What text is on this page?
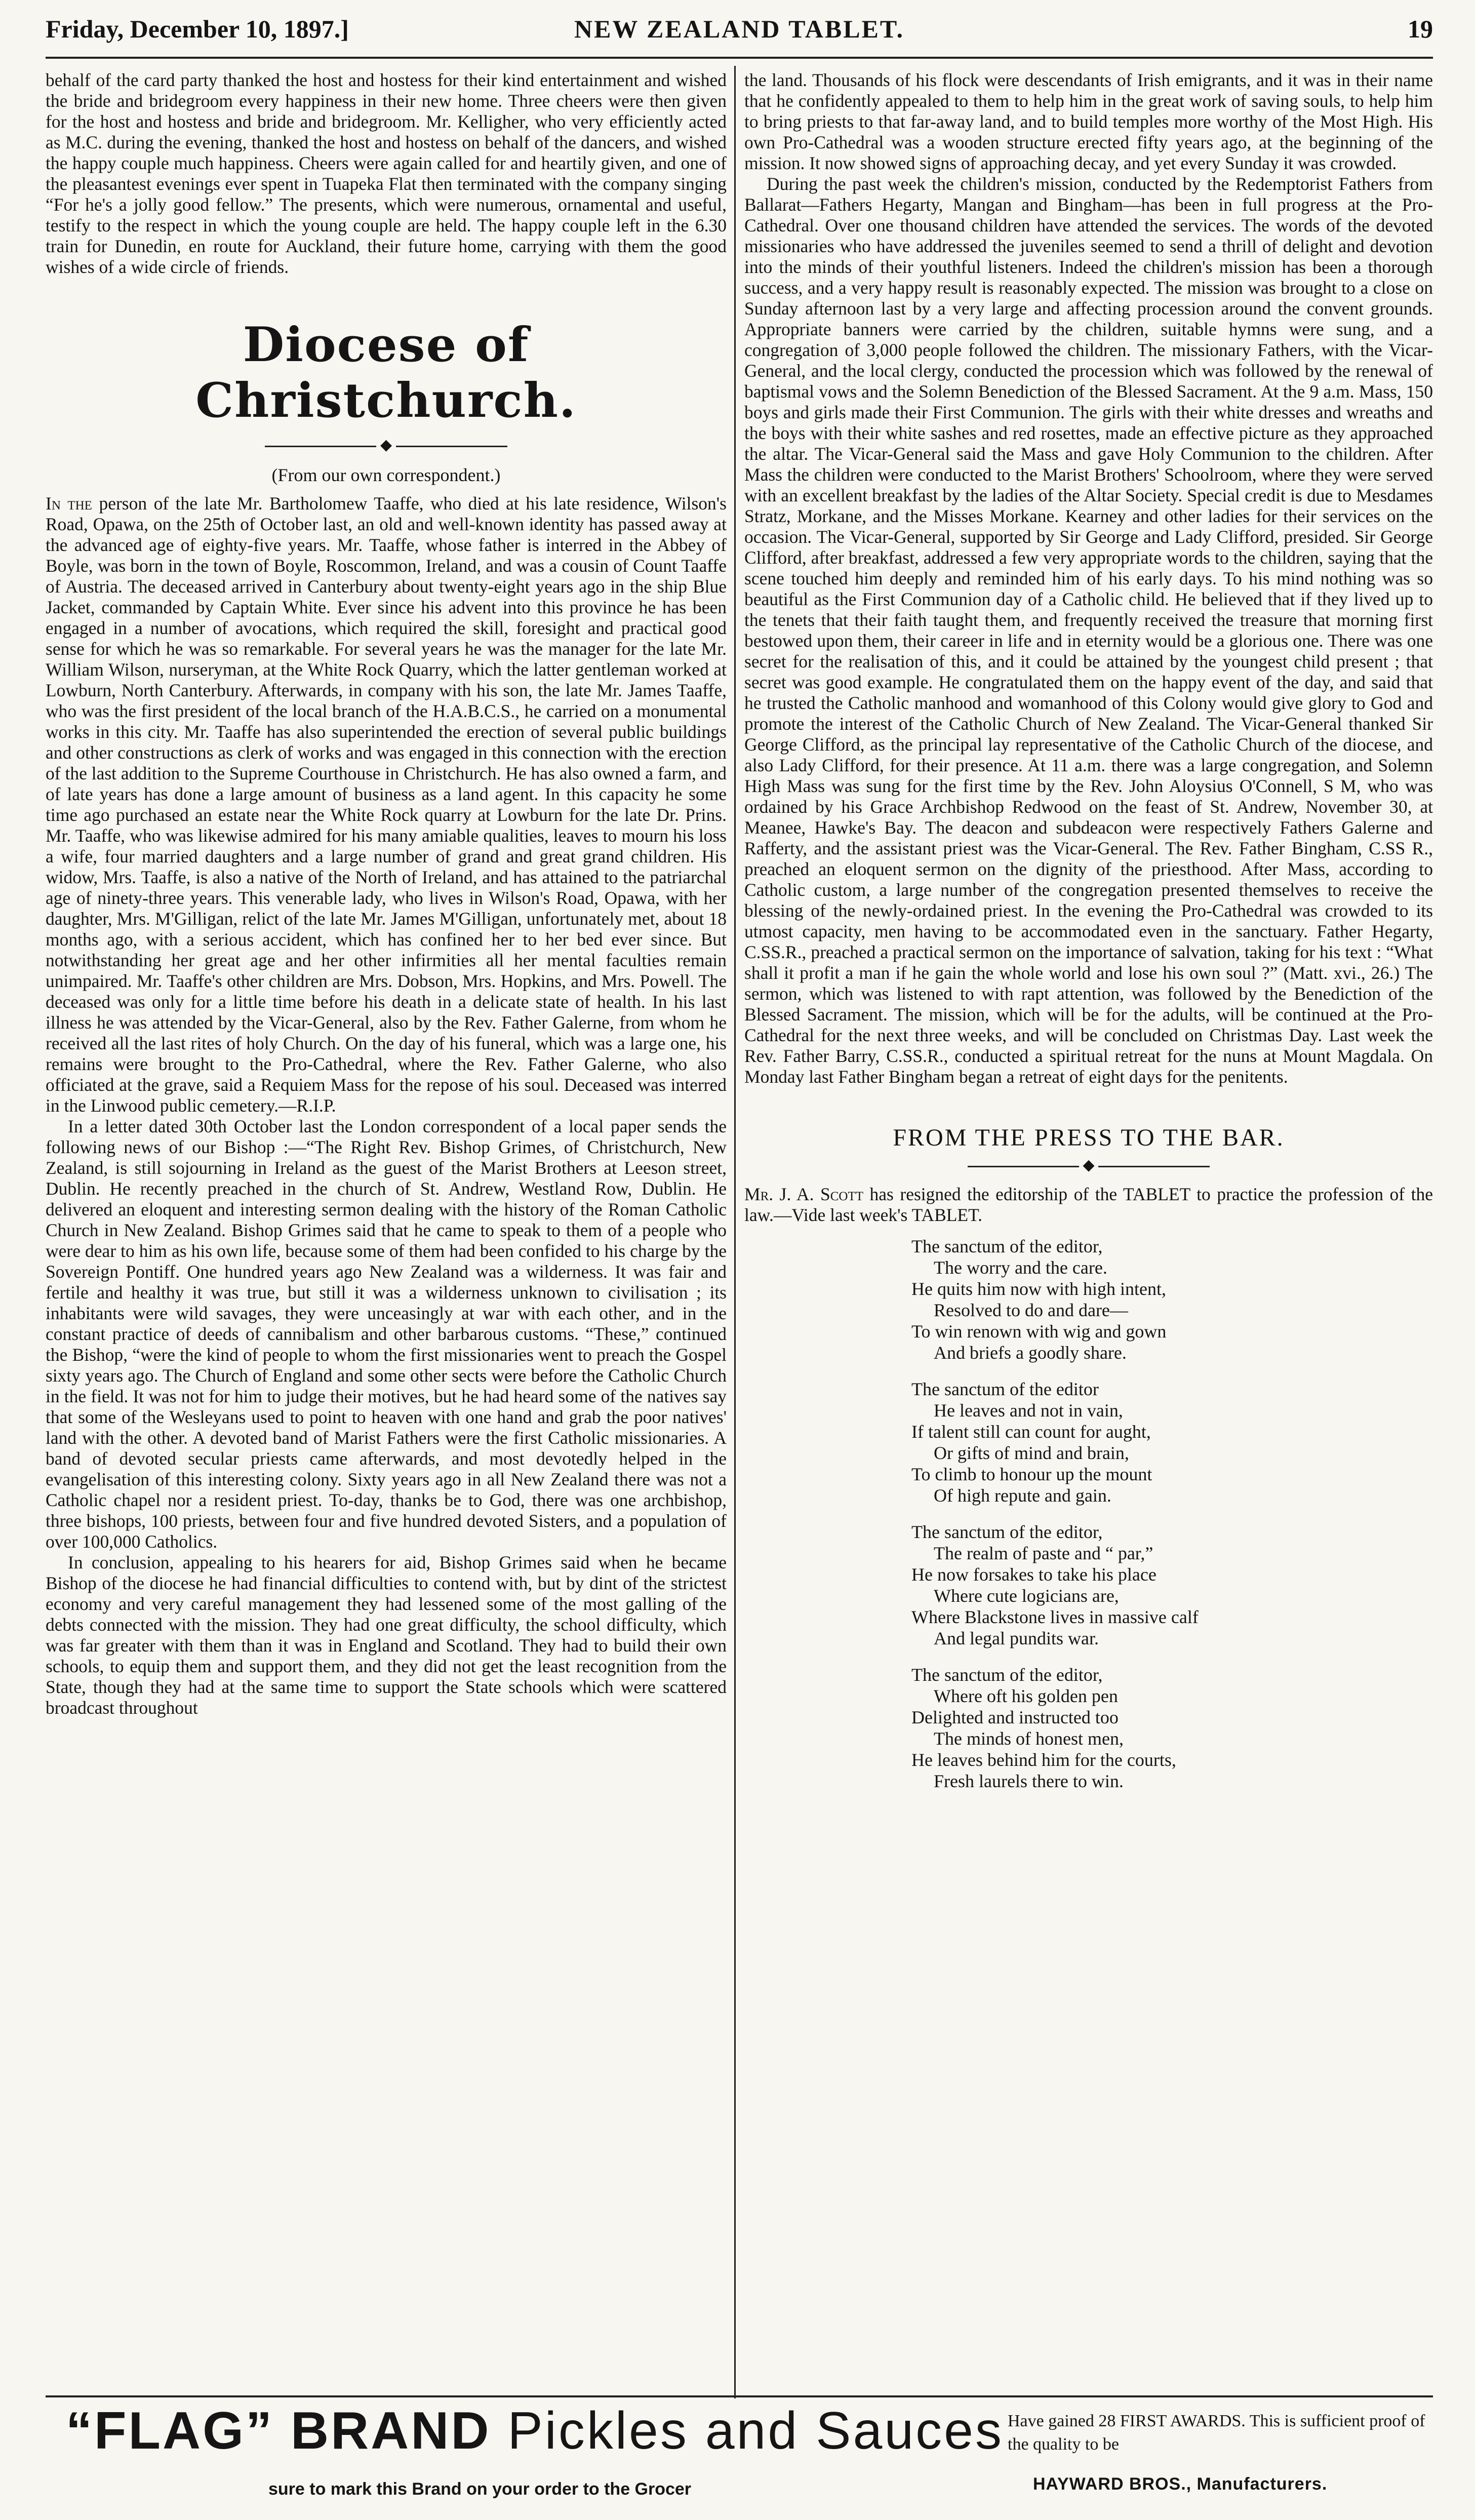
Friday, December 10, 1897.]	NEW ZEALAND TABLET.	19

behalf of the card party thanked the host and hostess for their kind entertainment and wished the bride and bridegroom every happiness in their new home. Three cheers were then given for the host and hostess and bride and bridegroom. Mr. Kelligher, who very efficiently acted as M.C. during the evening, thanked the host and hostess on behalf of the dancers, and wished the happy couple much happiness. Cheers were again called for and heartily given, and one of the pleasantest evenings ever spent in Tuapeka Flat then terminated with the company singing “For he's a jolly good fellow.” The presents, which were numerous, ornamental and useful, testify to the respect in which the young couple are held. The happy couple left in the 6.30 train for Dunedin, en route for Auckland, their future home, carrying with them the good wishes of a wide circle of friends.

Diocese of Christchurch.
◆
(From our own correspondent.)

In the person of the late Mr. Bartholomew Taaffe, who died at his late residence, Wilson's Road, Opawa, on the 25th of October last, an old and well-known identity has passed away at the advanced age of eighty-five years. Mr. Taaffe, whose father is interred in the Abbey of Boyle, was born in the town of Boyle, Roscommon, Ireland, and was a cousin of Count Taaffe of Austria. The deceased arrived in Canterbury about twenty-eight years ago in the ship Blue Jacket, commanded by Captain White. Ever since his advent into this province he has been engaged in a number of avocations, which required the skill, foresight and practical good sense for which he was so remarkable. For several years he was the manager for the late Mr. William Wilson, nurseryman, at the White Rock Quarry, which the latter gentleman worked at Lowburn, North Canterbury. Afterwards, in company with his son, the late Mr. James Taaffe, who was the first president of the local branch of the H.A.B.C.S., he carried on a monumental works in this city. Mr. Taaffe has also superintended the erection of several public buildings and other constructions as clerk of works and was engaged in this connection with the erection of the last addition to the Supreme Courthouse in Christchurch. He has also owned a farm, and of late years has done a large amount of business as a land agent. In this capacity he some time ago purchased an estate near the White Rock quarry at Lowburn for the late Dr. Prins. Mr. Taaffe, who was likewise admired for his many amiable qualities, leaves to mourn his loss a wife, four married daughters and a large number of grand and great grand children. His widow, Mrs. Taaffe, is also a native of the North of Ireland, and has attained to the patriarchal age of ninety-three years. This venerable lady, who lives in Wilson's Road, Opawa, with her daughter, Mrs. M'Gilligan, relict of the late Mr. James M'Gilligan, unfortunately met, about 18 months ago, with a serious accident, which has confined her to her bed ever since. But notwithstanding her great age and her other infirmities all her mental faculties remain unimpaired. Mr. Taaffe's other children are Mrs. Dobson, Mrs. Hopkins, and Mrs. Powell. The deceased was only for a little time before his death in a delicate state of health. In his last illness he was attended by the Vicar-General, also by the Rev. Father Galerne, from whom he received all the last rites of holy Church. On the day of his funeral, which was a large one, his remains were brought to the Pro-Cathedral, where the Rev. Father Galerne, who also officiated at the grave, said a Requiem Mass for the repose of his soul. Deceased was interred in the Linwood public cemetery.—R.I.P.

In a letter dated 30th October last the London correspondent of a local paper sends the following news of our Bishop :—“The Right Rev. Bishop Grimes, of Christchurch, New Zealand, is still sojourning in Ireland as the guest of the Marist Brothers at Leeson street, Dublin. He recently preached in the church of St. Andrew, Westland Row, Dublin. He delivered an eloquent and interesting sermon dealing with the history of the Roman Catholic Church in New Zealand. Bishop Grimes said that he came to speak to them of a people who were dear to him as his own life, because some of them had been confided to his charge by the Sovereign Pontiff. One hundred years ago New Zealand was a wilderness. It was fair and fertile and healthy it was true, but still it was a wilderness unknown to civilisation ; its inhabitants were wild savages, they were unceasingly at war with each other, and in the constant practice of deeds of cannibalism and other barbarous customs. “These,” continued the Bishop, “were the kind of people to whom the first missionaries went to preach the Gospel sixty years ago. The Church of England and some other sects were before the Catholic Church in the field. It was not for him to judge their motives, but he had heard some of the natives say that some of the Wesleyans used to point to heaven with one hand and grab the poor natives' land with the other. A devoted band of Marist Fathers were the first Catholic missionaries. A band of devoted secular priests came afterwards, and most devotedly helped in the evangelisation of this interesting colony. Sixty years ago in all New Zealand there was not a Catholic chapel nor a resident priest. To-day, thanks be to God, there was one archbishop, three bishops, 100 priests, between four and five hundred devoted Sisters, and a population of over 100,000 Catholics.

In conclusion, appealing to his hearers for aid, Bishop Grimes said when he became Bishop of the diocese he had financial difficulties to contend with, but by dint of the strictest economy and very careful management they had lessened some of the most galling of the debts connected with the mission. They had one great difficulty, the school difficulty, which was far greater with them than it was in England and Scotland. They had to build their own schools, to equip them and support them, and they did not get the least recognition from the State, though they had at the same time to support the State schools which were scattered broadcast throughout

the land. Thousands of his flock were descendants of Irish emigrants, and it was in their name that he confidently appealed to them to help him in the great work of saving souls, to help him to bring priests to that far-away land, and to build temples more worthy of the Most High. His own Pro-Cathedral was a wooden structure erected fifty years ago, at the beginning of the mission. It now showed signs of approaching decay, and yet every Sunday it was crowded.

During the past week the children's mission, conducted by the Redemptorist Fathers from Ballarat—Fathers Hegarty, Mangan and Bingham—has been in full progress at the Pro-Cathedral. Over one thousand children have attended the services. The words of the devoted missionaries who have addressed the juveniles seemed to send a thrill of delight and devotion into the minds of their youthful listeners. Indeed the children's mission has been a thorough success, and a very happy result is reasonably expected. The mission was brought to a close on Sunday afternoon last by a very large and affecting procession around the convent grounds. Appropriate banners were carried by the children, suitable hymns were sung, and a congregation of 3,000 people followed the children. The missionary Fathers, with the Vicar-General, and the local clergy, conducted the procession which was followed by the renewal of baptismal vows and the Solemn Benediction of the Blessed Sacrament. At the 9 a.m. Mass, 150 boys and girls made their First Communion. The girls with their white dresses and wreaths and the boys with their white sashes and red rosettes, made an effective picture as they approached the altar. The Vicar-General said the Mass and gave Holy Communion to the children. After Mass the children were conducted to the Marist Brothers' Schoolroom, where they were served with an excellent breakfast by the ladies of the Altar Society. Special credit is due to Mesdames Stratz, Morkane, and the Misses Morkane. Kearney and other ladies for their services on the occasion. The Vicar-General, supported by Sir George and Lady Clifford, presided. Sir George Clifford, after breakfast, addressed a few very appropriate words to the children, saying that the scene touched him deeply and reminded him of his early days. To his mind nothing was so beautiful as the First Communion day of a Catholic child. He believed that if they lived up to the tenets that their faith taught them, and frequently received the treasure that morning first bestowed upon them, their career in life and in eternity would be a glorious one. There was one secret for the realisation of this, and it could be attained by the youngest child present ; that secret was good example. He congratulated them on the happy event of the day, and said that he trusted the Catholic manhood and womanhood of this Colony would give glory to God and promote the interest of the Catholic Church of New Zealand. The Vicar-General thanked Sir George Clifford, as the principal lay representative of the Catholic Church of the diocese, and also Lady Clifford, for their presence. At 11 a.m. there was a large congregation, and Solemn High Mass was sung for the first time by the Rev. John Aloysius O'Connell, S M, who was ordained by his Grace Archbishop Redwood on the feast of St. Andrew, November 30, at Meanee, Hawke's Bay. The deacon and subdeacon were respectively Fathers Galerne and Rafferty, and the assistant priest was the Vicar-General. The Rev. Father Bingham, C.SS R., preached an eloquent sermon on the dignity of the priesthood. After Mass, according to Catholic custom, a large number of the congregation presented themselves to receive the blessing of the newly-ordained priest. In the evening the Pro-Cathedral was crowded to its utmost capacity, men having to be accommodated even in the sanctuary. Father Hegarty, C.SS.R., preached a practical sermon on the importance of salvation, taking for his text : “What shall it profit a man if he gain the whole world and lose his own soul ?” (Matt. xvi., 26.) The sermon, which was listened to with rapt attention, was followed by the Benediction of the Blessed Sacrament. The mission, which will be for the adults, will be continued at the Pro-Cathedral for the next three weeks, and will be concluded on Christmas Day. Last week the Rev. Father Barry, C.SS.R., conducted a spiritual retreat for the nuns at Mount Magdala. On Monday last Father Bingham began a retreat of eight days for the penitents.

FROM THE PRESS TO THE BAR.
◆

Mr. J. A. Scott has resigned the editorship of the TABLET to practice the profession of the law.—Vide last week's TABLET.

The sanctum of the editor,
The worry and the care.
He quits him now with high intent,
Resolved to do and dare—
To win renown with wig and gown
And briefs a goodly share.
The sanctum of the editor
He leaves and not in vain,
If talent still can count for aught,
Or gifts of mind and brain,
To climb to honour up the mount
Of high repute and gain.
The sanctum of the editor,
The realm of paste and “ par,”
He now forsakes to take his place
Where cute logicians are,
Where Blackstone lives in massive calf
And legal pundits war.
The sanctum of the editor,
Where oft his golden pen
Delighted and instructed too
The minds of honest men,
He leaves behind him for the courts,
Fresh laurels there to win.
“FLAG” BRAND Pickles and Sauces
sure to mark this Brand on your order to the Grocer
Have gained 28 FIRST AWARDS. This is sufficient proof of the quality to be
HAYWARD BROS., Manufacturers.
